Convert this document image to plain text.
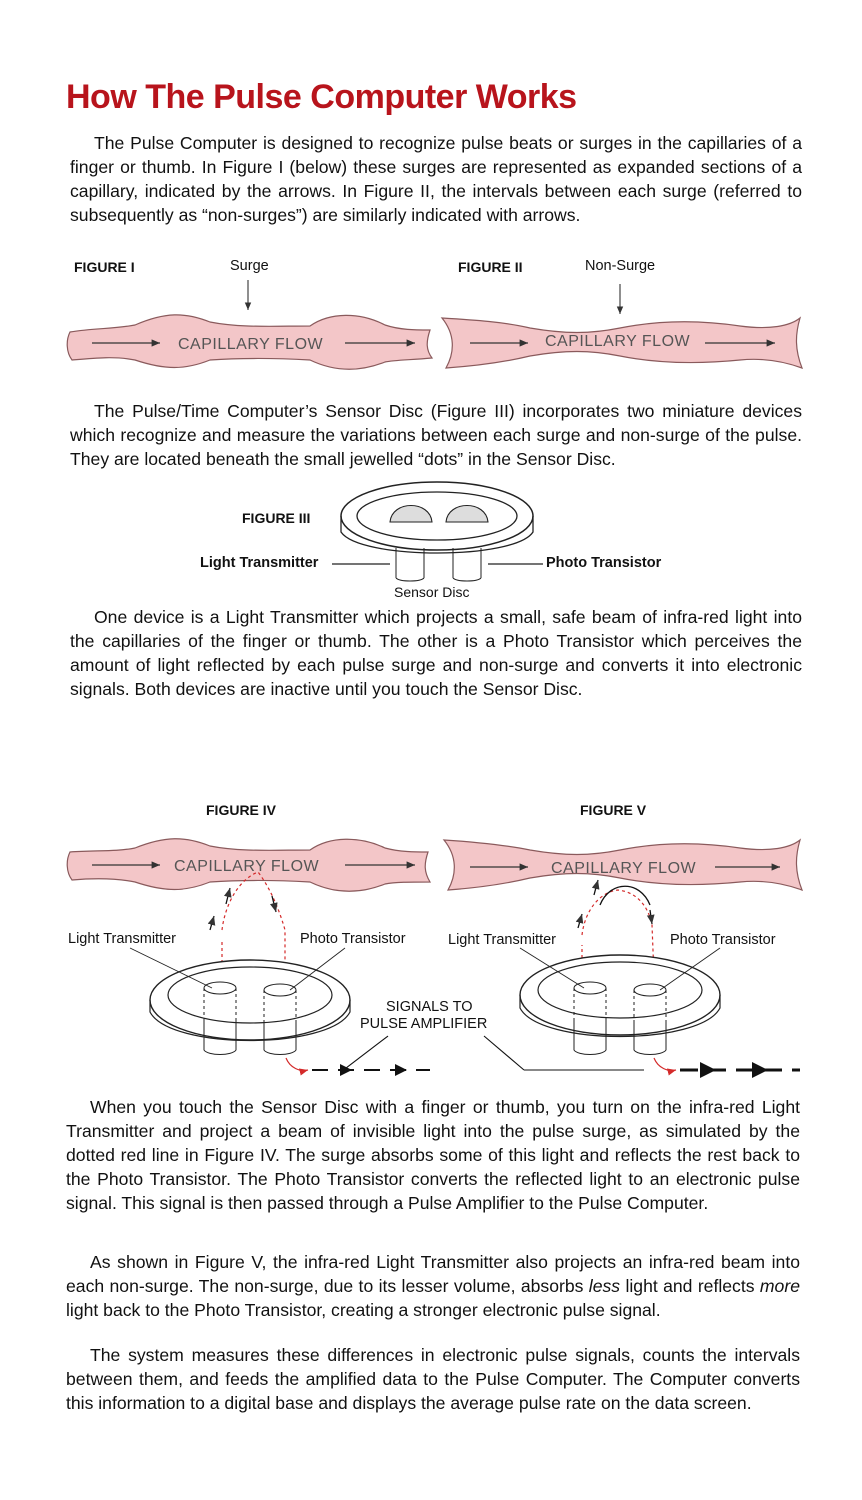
How The Pulse Computer Works

The Pulse Computer is designed to recognize pulse beats or surges in the capillaries of a finger or thumb. In Figure I (below) these surges are represented as expanded sections of a capillary, indicated by the arrows. In Figure II, the intervals between each surge (referred to subsequently as “non-surges”) are similarly indicated with arrows.

FIGURE I	Surge	FIGURE II	Non-Surge
CAPILLARY FLOW	CAPILLARY FLOW

The Pulse/Time Computer’s Sensor Disc (Figure III) incorporates two miniature devices which recognize and measure the variations between each surge and non-surge of the pulse. They are located beneath the small jewelled “dots” in the Sensor Disc.

FIGURE III
Light Transmitter	Photo Transistor
Sensor Disc

One device is a Light Transmitter which projects a small, safe beam of infra-red light into the capillaries of the finger or thumb. The other is a Photo Transistor which perceives the amount of light reflected by each pulse surge and non-surge and converts it into electronic signals. Both devices are inactive until you touch the Sensor Disc.

FIGURE IV	FIGURE V
CAPILLARY FLOW	CAPILLARY FLOW
Light Transmitter	Photo Transistor	Light Transmitter	Photo Transistor
SIGNALS TO
PULSE AMPLIFIER

When you touch the Sensor Disc with a finger or thumb, you turn on the infra-red Light Transmitter and project a beam of invisible light into the pulse surge, as simulated by the dotted red line in Figure IV. The surge absorbs some of this light and reflects the rest back to the Photo Transistor. The Photo Transistor converts the reflected light to an electronic pulse signal. This signal is then passed through a Pulse Amplifier to the Pulse Computer.

As shown in Figure V, the infra-red Light Transmitter also projects an infra-red beam into each non-surge. The non-surge, due to its lesser volume, absorbs less light and reflects more light back to the Photo Transistor, creating a stronger electronic pulse signal.

The system measures these differences in electronic pulse signals, counts the intervals between them, and feeds the amplified data to the Pulse Computer. The Computer converts this information to a digital base and displays the average pulse rate on the data screen.
